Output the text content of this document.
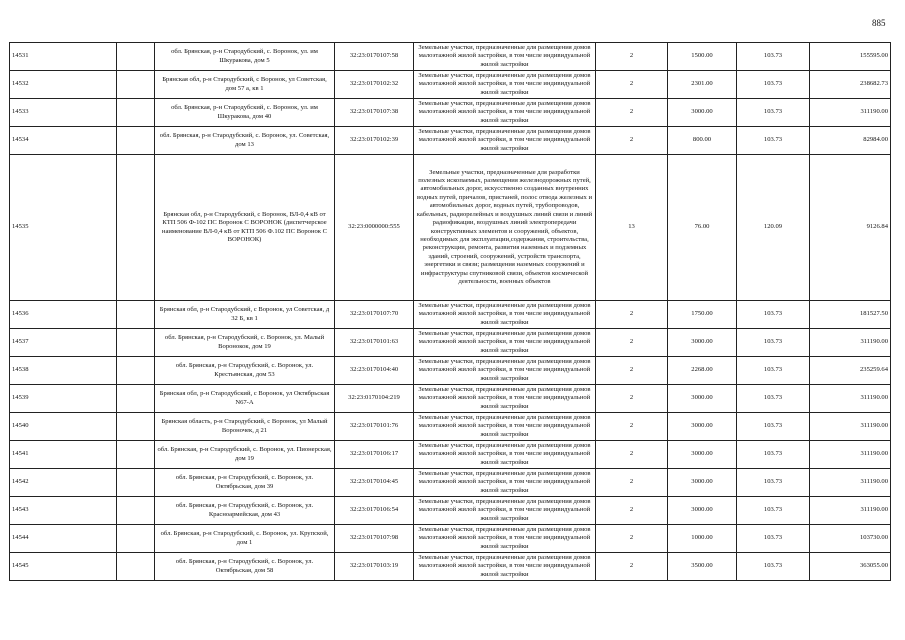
885
14531		обл. Брянская, р-н Стародубский, с. Воронок, ул. им Шкуракова, дом 5	32:23:0170107:58	Земельные участки, предназначенные для размещения домов малоэтажной жилой застройки, в том числе индивидуальной жилой застройки	2	1500.00	103.73	155595.00
14532		Брянская обл, р-н Стародубский, с Воронок, ул Советская, дом 57 а, кв 1	32:23:0170102:32	Земельные участки, предназначенные для размещения домов малоэтажной жилой застройки, в том числе индивидуальной жилой застройки	2	2301.00	103.73	238682.73
14533		обл. Брянская, р-н Стародубский, с. Воронок, ул. им Шкуракова, дом 40	32:23:0170107:38	Земельные участки, предназначенные для размещения домов малоэтажной жилой застройки, в том числе индивидуальной жилой застройки	2	3000.00	103.73	311190.00
14534		обл. Брянская, р-н Стародубский, с. Воронок, ул. Советская, дом 13	32:23:0170102:39	Земельные участки, предназначенные для размещения домов малоэтажной жилой застройки, в том числе индивидуальной жилой застройки	2	800.00	103.73	82984.00
14535		Брянская обл, р-н Стародубский, с Воронок, ВЛ-0,4 кВ от КТП 506 Ф-102 ПС Воронок С ВОРОНОК (диспетчерское наименование ВЛ-0,4 кВ от КТП 506 Ф.102 ПС Воронок С ВОРОНОК)	32:23:0000000:555	Земельные участки, предназначенные для разработки полезных ископаемых, размещения железнодорожных путей, автомобильных дорог, искусственно созданных внутренних водных путей, причалов, пристаней, полос отвода железных и автомобильных дорог, водных путей, трубопроводов, кабельных, радиорелейных и воздушных линий связи и линий радиофикации, воздушных линий электропередачи конструктивных элементов и сооружений, объектов, необходимых для эксплуатации,содержания, строительства, реконструкции, ремонта, развития наземных и подземных зданий, строений, сооружений, устройств транспорта, энергетики и связи; размещения наземных сооружений и инфраструктуры спутниковой связи, объектов космической деятельности, военных объектов	13	76.00	120.09	9126.84
14536		Брянская обл, р-н Стародубский, с Воронок, ул Советская, д 32 Б, кв 1	32:23:0170107:70	Земельные участки, предназначенные для размещения домов малоэтажной жилой застройки, в том числе индивидуальной жилой застройки	2	1750.00	103.73	181527.50
14537		обл. Брянская, р-н Стародубский, с. Воронок, ул. Малый Воронокок, дом 19	32:23:0170101:63	Земельные участки, предназначенные для размещения домов малоэтажной жилой застройки, в том числе индивидуальной жилой застройки	2	3000.00	103.73	311190.00
14538		обл. Брянская, р-н Стародубский, с. Воронок, ул. Крестьянская, дом 53	32:23:0170104:40	Земельные участки, предназначенные для размещения домов малоэтажной жилой застройки, в том числе индивидуальной жилой застройки	2	2268.00	103.73	235259.64
14539		Брянская обл, р-н Стародубский, с Воронок, ул Октябрьская N67-А	32:23:0170104:219	Земельные участки, предназначенные для размещения домов малоэтажной жилой застройки, в том числе индивидуальной жилой застройки	2	3000.00	103.73	311190.00
14540		Брянская область, р-н Стародубский, с Воронок, ул Малый Вороночек, д 21	32:23:0170101:76	Земельные участки, предназначенные для размещения домов малоэтажной жилой застройки, в том числе индивидуальной жилой застройки	2	3000.00	103.73	311190.00
14541		обл. Брянская, р-н Стародубский, с. Воронок, ул. Пионерская, дом 19	32:23:0170106:17	Земельные участки, предназначенные для размещения домов малоэтажной жилой застройки, в том числе индивидуальной жилой застройки	2	3000.00	103.73	311190.00
14542		обл. Брянская, р-н Стародубский, с. Воронок, ул. Октябрьская, дом 39	32:23:0170104:45	Земельные участки, предназначенные для размещения домов малоэтажной жилой застройки, в том числе индивидуальной жилой застройки	2	3000.00	103.73	311190.00
14543		обл. Брянская, р-н Стародубский, с. Воронок, ул. Красноармейская, дом 43	32:23:0170106:54	Земельные участки, предназначенные для размещения домов малоэтажной жилой застройки, в том числе индивидуальной жилой застройки	2	3000.00	103.73	311190.00
14544		обл. Брянская, р-н Стародубский, с. Воронок, ул. Крупской, дом 1	32:23:0170107:98	Земельные участки, предназначенные для размещения домов малоэтажной жилой застройки, в том числе индивидуальной жилой застройки	2	1000.00	103.73	103730.00
14545		обл. Брянская, р-н Стародубский, с. Воронок, ул. Октябрьская, дом 58	32:23:0170103:19	Земельные участки, предназначенные для размещения домов малоэтажной жилой застройки, в том числе индивидуальной жилой застройки	2	3500.00	103.73	363055.00
